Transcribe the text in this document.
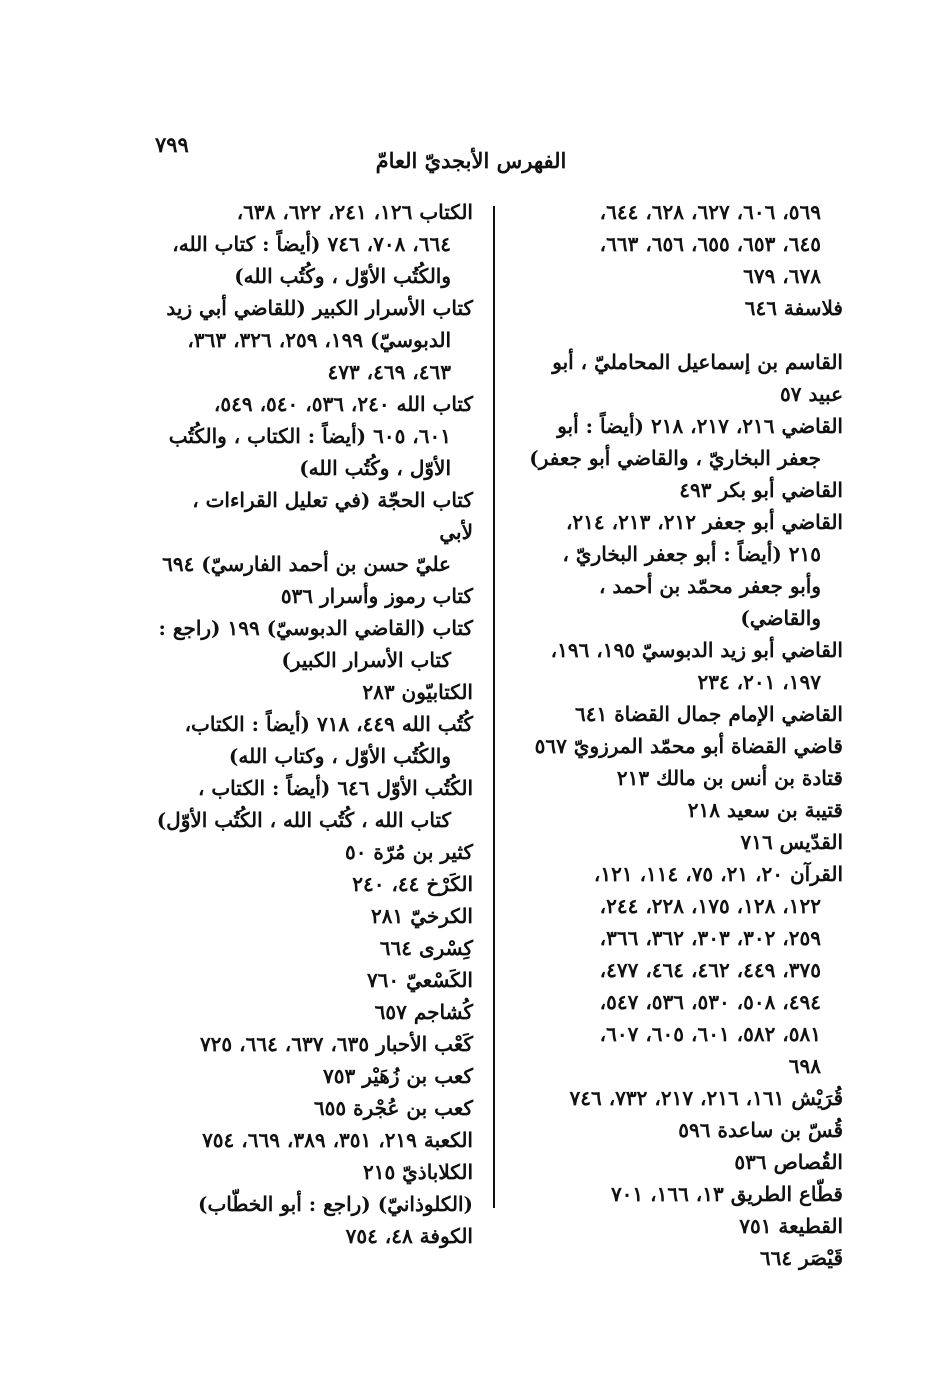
٧٩٩
الفهرس الأبجديّ العامّ

٥٦٩، ٦٠٦، ٦٢٧، ٦٢٨، ٦٤٤،

٦٤٥، ٦٥٣، ٦٥٥، ٦٥٦، ٦٦٣،

٦٧٨، ٦٧٩

فلاسفة ٦٤٦

القاسم بن إسماعيل المحامليّ ، أبو عبيد ٥٧

القاضي ٢١٦، ٢١٧، ٢١٨ (أيضاً : أبو

جعفر البخاريّ ، والقاضي أبو جعفر)

القاضي أبو بكر ٤٩٣

القاضي أبو جعفر ٢١٢، ٢١٣، ٢١٤،

٢١٥ (أيضاً : أبو جعفر البخاريّ ،

وأبو جعفر محمّد بن أحمد ، والقاضي)

القاضي أبو زيد الدبوسيّ ١٩٥، ١٩٦،

١٩٧، ٢٠١، ٢٣٤

القاضي الإمام جمال القضاة ٦٤١

قاضي القضاة أبو محمّد المرزويّ ٥٦٧

قتادة بن أنس بن مالك ٢١٣

قتيبة بن سعيد ٢١٨

القدّيس ٧١٦

القرآن ٢٠، ٢١، ٧٥، ١١٤، ١٢١،

١٢٢، ١٢٨، ١٧٥، ٢٢٨، ٢٤٤،

٢٥٩، ٣٠٢، ٣٠٣، ٣٦٢، ٣٦٦،

٣٧٥، ٤٤٩، ٤٦٢، ٤٦٤، ٤٧٧،

٤٩٤، ٥٠٨، ٥٣٠، ٥٣٦، ٥٤٧،

٥٨١، ٥٨٢، ٦٠١، ٦٠٥، ٦٠٧،

٦٩٨

قُرَيْش ١٦١، ٢١٦، ٢١٧، ٧٣٢، ٧٤٦

قُسّ بن ساعدة ٥٩٦

القُصاص ٥٣٦

قطّاع الطريق ١٣، ١٦٦، ٧٠١

القطيعة ٧٥١

قَيْصَر ٦٦٤

الكتاب ١٢٦، ٢٤١، ٦٢٢، ٦٣٨،

٦٦٤، ٧٠٨، ٧٤٦ (أيضاً : كتاب الله،

والكُتُب الأوّل ، وكُتُب الله)

كتاب الأسرار الكبير (للقاضي أبي زيد

الدبوسيّ) ١٩٩، ٢٥٩، ٣٢٦، ٣٦٣،

٤٦٣، ٤٦٩، ٤٧٣

كتاب الله ٢٤٠، ٥٣٦، ٥٤٠، ٥٤٩،

٦٠١، ٦٠٥ (أيضاً : الكتاب ، والكُتُب

الأوّل ، وكُتُب الله)

كتاب الحجّة (في تعليل القراءات ، لأبي

عليّ حسن بن أحمد الفارسيّ) ٦٩٤

كتاب رموز وأسرار ٥٣٦

كتاب (القاضي الدبوسيّ) ١٩٩ (راجع :

كتاب الأسرار الكبير)

الكتابيّون ٢٨٣

كُتُب الله ٤٤٩، ٧١٨ (أيضاً : الكتاب،

والكُتُب الأوّل ، وكتاب الله)

الكُتُب الأوّل ٦٤٦ (أيضاً : الكتاب ،

كتاب الله ، كُتُب الله ، الكُتُب الأوّل)

كثير بن مُرّة ٥٠

الكَرْخ ٤٤، ٢٤٠

الكرخيّ ٢٨١

كِسْرى ٦٦٤

الكَسْعيّ ٧٦٠

كُشاجم ٦٥٧

كَعْب الأحبار ٦٣٥، ٦٣٧، ٦٦٤، ٧٢٥

كعب بن زُهَيْر ٧٥٣

كعب بن عُجْرة ٦٥٥

الكعبة ٢١٩، ٣٥١، ٣٨٩، ٦٦٩، ٧٥٤

الكلاباذيّ ٢١٥

(الكلوذانيّ) (راجع : أبو الخطّاب)

الكوفة ٤٨، ٧٥٤
